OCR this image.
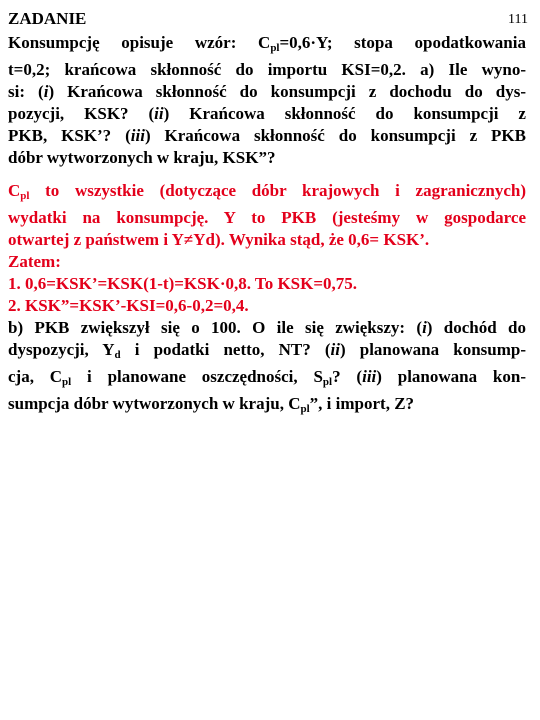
ZADANIE	111
Konsumpcję opisuje wzór: $C_{pl}=0,6\cdot Y$; stopa opodatkowania
t=0,2; krańcowa skłonność do importu KSI=0,2. a) Ile wyno-
si: (i) Krańcowa skłonność do konsumpcji z dochodu do dys-
pozycji, KSK? (ii) Krańcowa skłonność do konsumpcji z
PKB, KSK’? (iii) Krańcowa skłonność do konsumpcji z PKB
dóbr wytworzonych w kraju, KSK”?
$C_{pl}$ to wszystkie (dotyczące dóbr krajowych i zagranicznych)
wydatki na konsumpcję. Y to PKB (jesteśmy w gospodarce
otwartej z państwem i Y≠Yd). Wynika stąd, że 0,6= KSK’.
Zatem:
1. 0,6=KSK’=KSK(1-t)=KSK·0,8. To KSK=0,75.
2. KSK”=KSK’-KSI=0,6-0,2=0,4.
b) PKB zwiększył się o 100. O ile się zwiększy: (i) dochód do
dyspozycji, $Y_d$ i podatki netto, NT? (ii) planowana konsump-
cja, $C_{pl}$ i planowane oszczędności, $S_{pl}$? (iii) planowana kon-
sumpcja dóbr wytworzonych w kraju, $C_{pl}$”, i import, Z?
